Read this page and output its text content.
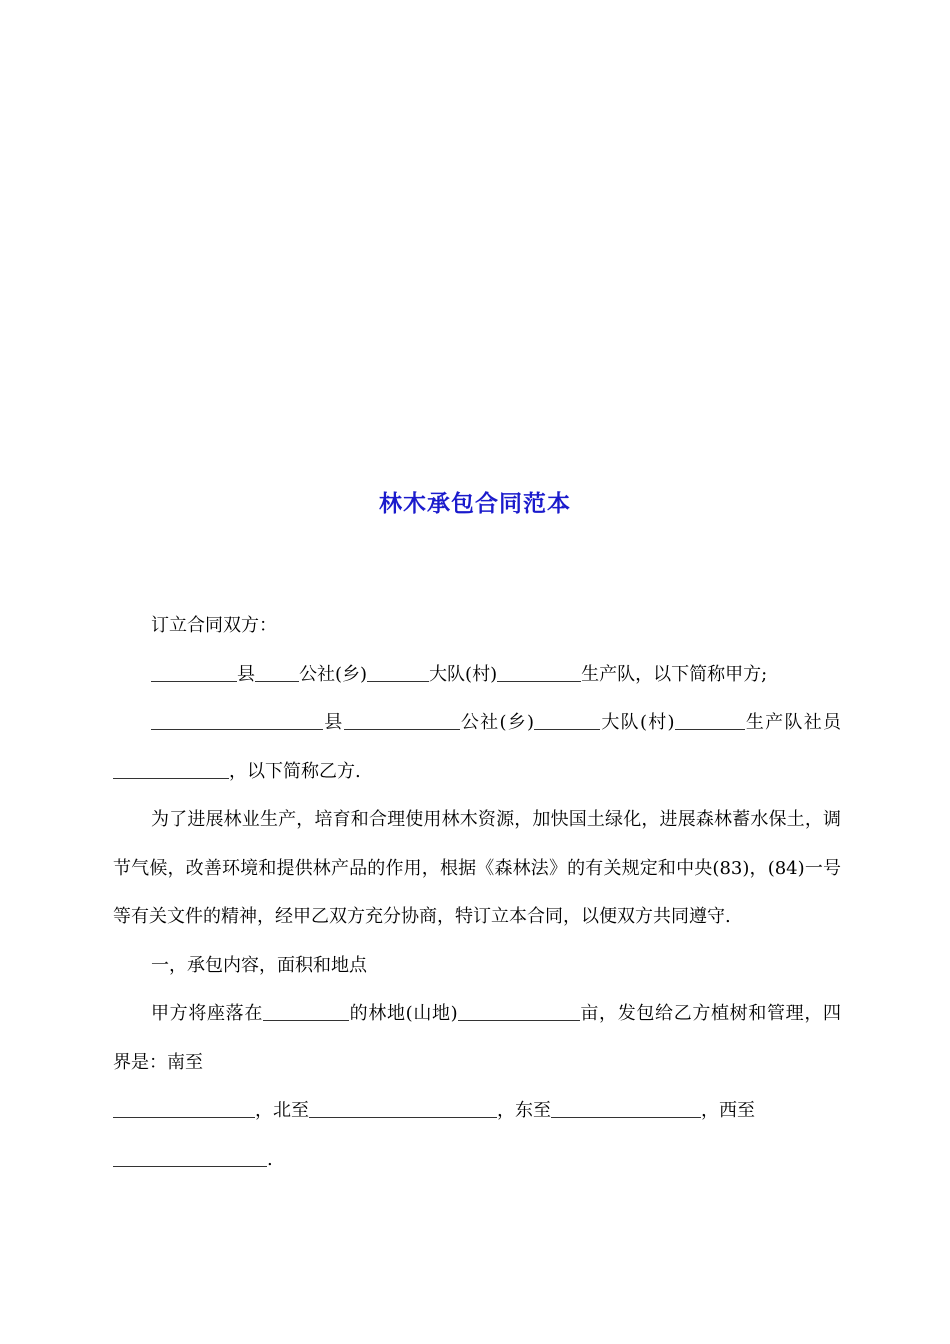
林木承包合同范本

订立合同双方：

县 公社(乡)	大队(村)	生产队，以下简称甲方;

县	公社(乡)	大队(村)	生产队社员，以下简称乙方.

为了进展林业生产，培育和合理使用林木资源，加快国土绿化，进展森林蓄水保土，调节气候，改善环境和提供林产品的作用，根据《森林法》的有关规定和中央(83)，(84)一号等有关文件的精神，经甲乙双方充分协商，特订立本合同，以便双方共同遵守.

一，承包内容，面积和地点

甲方将座落在	的林地(山地)	亩，发包给乙方植树和管理，四界是：南至

，北至	，东至	，西至

.
